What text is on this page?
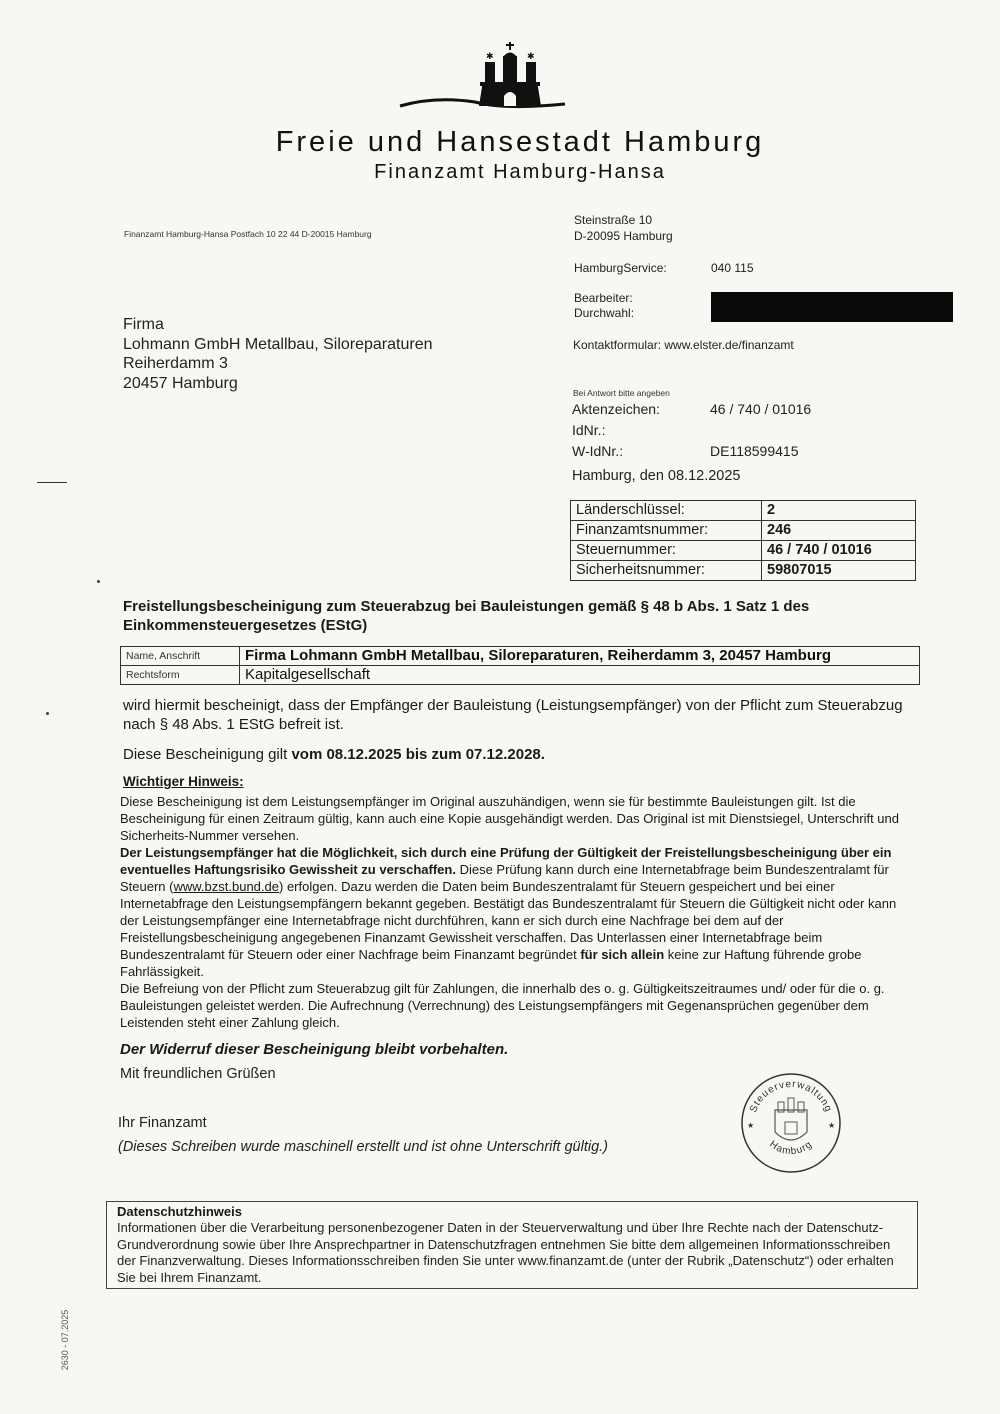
✱	✱
Freie und Hansestadt Hamburg
Finanzamt Hamburg-Hansa
Finanzamt Hamburg-Hansa Postfach 10 22 44 D-20015 Hamburg
Steinstraße 10
D-20095 Hamburg
HamburgService:	040 115
Bearbeiter:
Durchwahl:
Kontaktformular: www.elster.de/finanzamt
Firma
Lohmann GmbH Metallbau, Siloreparaturen
Reiherdamm 3
20457 Hamburg
Bei Antwort bitte angeben
Aktenzeichen:	46 / 740 / 01016
IdNr.:
W-IdNr.:	DE118599415
Hamburg, den 08.12.2025
Länderschlüssel:	2
Finanzamtsnummer:	246
Steuernummer:	46 / 740 / 01016
Sicherheitsnummer:	59807015
Freistellungsbescheinigung zum Steuerabzug bei Bauleistungen gemäß § 48 b Abs. 1 Satz 1 des Einkommensteuergesetzes (EStG)
Name, Anschrift	Firma Lohmann GmbH Metallbau, Siloreparaturen, Reiherdamm 3, 20457 Hamburg
Rechtsform	Kapitalgesellschaft
wird hiermit bescheinigt, dass der Empfänger der Bauleistung (Leistungsempfänger) von der Pflicht zum Steuerabzug nach § 48 Abs. 1 EStG befreit ist.
Diese Bescheinigung gilt vom 08.12.2025 bis zum 07.12.2028.
Wichtiger Hinweis:

Diese Bescheinigung ist dem Leistungsempfänger im Original auszuhändigen, wenn sie für bestimmte Bauleistungen gilt. Ist die Bescheinigung für einen Zeitraum gültig, kann auch eine Kopie ausgehändigt werden. Das Original ist mit Dienstsiegel, Unterschrift und Sicherheits-Nummer versehen.

Der Leistungsempfänger hat die Möglichkeit, sich durch eine Prüfung der Gültigkeit der Freistellungsbescheinigung über ein eventuelles Haftungsrisiko Gewissheit zu verschaffen. Diese Prüfung kann durch eine Internetabfrage beim Bundeszentralamt für Steuern (www.bzst.bund.de) erfolgen. Dazu werden die Daten beim Bundeszentralamt für Steuern gespeichert und bei einer Internetabfrage den Leistungsempfängern bekannt gegeben. Bestätigt das Bundeszentralamt für Steuern die Gültigkeit nicht oder kann der Leistungsempfänger eine Internetabfrage nicht durchführen, kann er sich durch eine Nachfrage bei dem auf der Freistellungsbescheinigung angegebenen Finanzamt Gewissheit verschaffen. Das Unterlassen einer Internetabfrage beim Bundeszentralamt für Steuern oder einer Nachfrage beim Finanzamt begründet für sich allein keine zur Haftung führende grobe Fahrlässigkeit.

Die Befreiung von der Pflicht zum Steuerabzug gilt für Zahlungen, die innerhalb des o. g. Gültigkeitszeitraumes und/ oder für die o. g. Bauleistungen geleistet werden. Die Aufrechnung (Verrechnung) des Leistungsempfängers mit Gegenansprüchen gegenüber dem Leistenden steht einer Zahlung gleich.

Der Widerruf dieser Bescheinigung bleibt vorbehalten.
Mit freundlichen Grüßen
Ihr Finanzamt
(Dieses Schreiben wurde maschinell erstellt und ist ohne Unterschrift gültig.)
Steuerverwaltung
Hamburg
★	★
Datenschutzhinweis
Informationen über die Verarbeitung personenbezogener Daten in der Steuerverwaltung und über Ihre Rechte nach der Datenschutz-Grundverordnung sowie über Ihre Ansprechpartner in Datenschutzfragen entnehmen Sie bitte dem allgemeinen Informationsschreiben der Finanzverwaltung. Dieses Informationsschreiben finden Sie unter www.finanzamt.de (unter der Rubrik „Datenschutz“) oder erhalten Sie bei Ihrem Finanzamt.
2630 - 07.2025
